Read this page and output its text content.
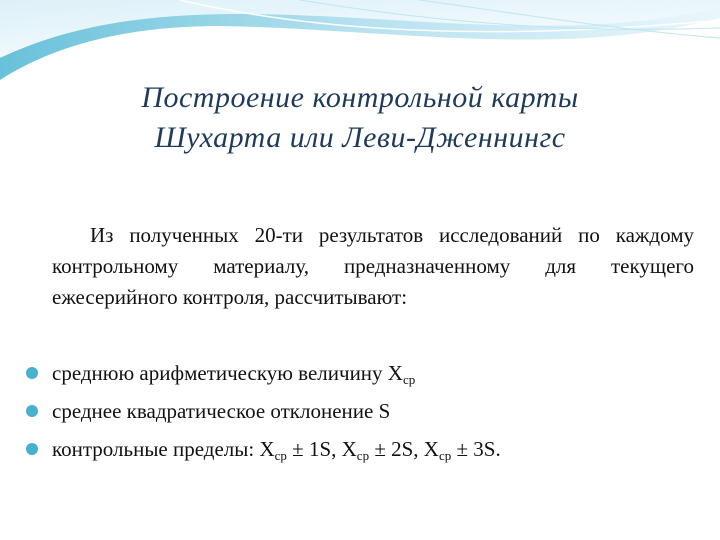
Построение контрольной карты
Шухарта или Леви-Дженнингс
Из полученных 20-ти результатов исследований по каждому контрольному материалу, предназначенному для текущего ежесерийного контроля, рассчитывают:
среднюю арифметическую величину $X_{ср}$
среднее квадратическое отклонение S
контрольные пределы: $X_{ср} \pm 1S$, $X_{ср} \pm 2S$, $X_{ср} \pm 3S$.
